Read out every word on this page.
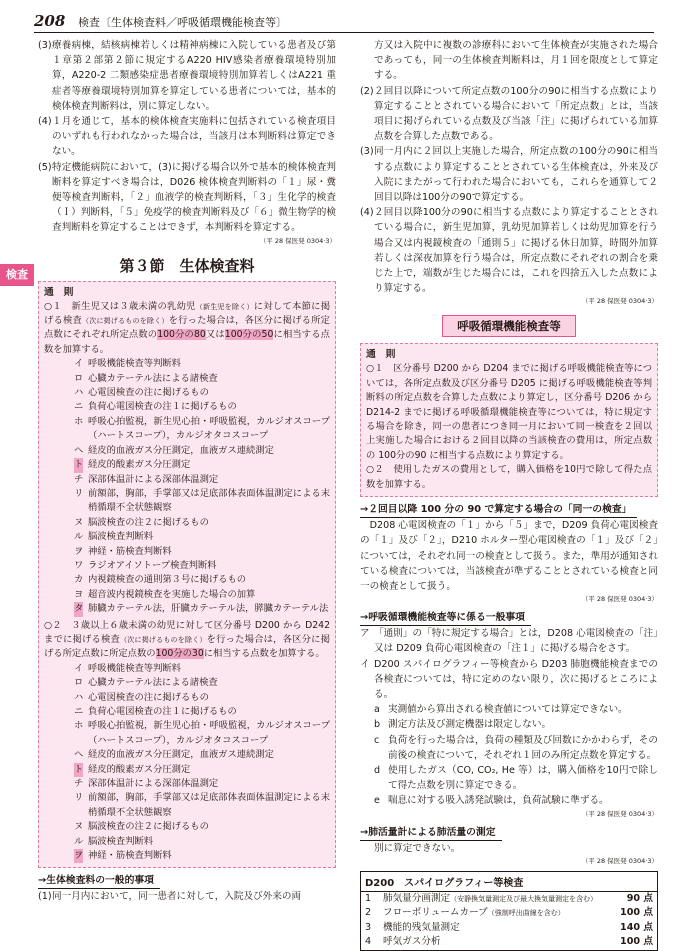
208 検査〔生体検査料／呼吸循環機能検査等〕
検査

(3) 療養病棟，結核病棟若しくは精神病棟に入院している患者及び第１章第２部第２節に規定するA220 HIV感染者療養環境特別加算，A220-2 二類感染症患者療養環境特別加算若しくはA221 重症者等療養環境特別加算を算定している患者については，基本的検体検査判断料は，別に算定しない。

(4) １月を通じて，基本的検体検査実施料に包括されている検査項目のいずれも行われなかった場合は，当該月は本判断料は算定できない。

(5) 特定機能病院において，(3)に掲げる場合以外で基本的検体検査判断料を算定すべき場合は，D026 検体検査判断料の「１」尿・糞便等検査判断料，「２」血液学的検査判断料，「３」生化学的検査（Ｉ）判断料，「５」免疫学的検査判断料及び「６」微生物学的検査判断料を算定することはできず，本判断料を算定する。

（平 28 保医発 0304·3）

第３節　生体検査料
通　則

○１　新生児又は３歳未満の乳幼児（新生児を除く）に対して本節に掲げる検査（次に掲げるものを除く）を行った場合は，各区分に掲げる所定点数にそれぞれ所定点数の100分の80又は100分の50に相当する点数を加算する。

イ 呼吸機能検査等判断料

ロ 心臓カテーテル法による諸検査

ハ 心電図検査の注に掲げるもの

ニ 負荷心電図検査の注１に掲げるもの

ホ 呼吸心拍監視，新生児心拍・呼吸監視，カルジオスコープ（ハートスコープ），カルジオタコスコープ

ヘ 経皮的血液ガス分圧測定，血液ガス連続測定

ト 経皮的酸素ガス分圧測定

チ 深部体温計による深部体温測定

リ 前額部，胸部，手掌部又は足底部体表面体温測定による末梢循環不全状態観察

ヌ 脳波検査の注２に掲げるもの

ル 脳波検査判断料

ヲ 神経・筋検査判断料

ワ ラジオアイソトープ検査判断料

カ 内視鏡検査の通則第３号に掲げるもの

ヨ 超音波内視鏡検査を実施した場合の加算

タ 肺臓カテーテル法，肝臓カテーテル法，膵臓カテーテル法

○２　３歳以上６歳未満の幼児に対して区分番号 D200 から D242 までに掲げる検査（次に掲げるものを除く）を行った場合は，各区分に掲げる所定点数に所定点数の100分の30に相当する点数を加算する。

イ 呼吸機能検査等判断料

ロ 心臓カテーテル法による諸検査

ハ 心電図検査の注に掲げるもの

ニ 負荷心電図検査の注１に掲げるもの

ホ 呼吸心拍監視，新生児心拍・呼吸監視，カルジオスコープ（ハートスコープ），カルジオタコスコープ

ヘ 経皮的血液ガス分圧測定，血液ガス連続測定

ト 経皮的酸素ガス分圧測定

チ 深部体温計による深部体温測定

リ 前額部，胸部，手掌部又は足底部体表面体温測定による末梢循環不全状態観察

ヌ 脳波検査の注２に掲げるもの

ル 脳波検査判断料

ヲ 神経・筋検査判断料

→生体検査料の一般的事項

(1) 同一月内において，同一患者に対して，入院及び外来の両

方又は入院中に複数の診療科において生体検査が実施された場合であっても，同一の生体検査判断料は，月１回を限度として算定する。

(2) ２回目以降について所定点数の100分の90に相当する点数により算定することとされている場合において「所定点数」とは，当該項目に掲げられている点数及び当該「注」に掲げられている加算点数を合算した点数である。

(3) 同一月内に２回以上実施した場合，所定点数の100分の90に相当する点数により算定することとされている生体検査は，外来及び入院にまたがって行われた場合においても，これらを通算して２回目以降は100分の90で算定する。

(4) ２回目以降100分の90に相当する点数により算定することとされている場合に，新生児加算，乳幼児加算若しくは幼児加算を行う場合又は内視鏡検査の「通則５」に掲げる休日加算，時間外加算若しくは深夜加算を行う場合は，所定点数にそれぞれの割合を乗じた上で，端数が生じた場合には，これを四捨五入した点数により算定する。

（平 28 保医発 0304·3）

呼吸循環機能検査等
通　則

○１　区分番号 D200 から D204 までに掲げる呼吸機能検査等については，各所定点数及び区分番号 D205 に掲げる呼吸機能検査等判断料の所定点数を合算した点数により算定し，区分番号 D206 から D214-2 までに掲げる呼吸循環機能検査等については，特に規定する場合を除き，同一の患者につき同一月において同一検査を２回以上実施した場合における２回目以降の当該検査の費用は，所定点数の 100分の90 に相当する点数により算定する。

○２　使用したガスの費用として，購入価格を10円で除して得た点数を加算する。

→２回目以降 100 分の 90 で算定する場合の「同一の検査」

D208 心電図検査の「１」から「５」まで，D209 負荷心電図検査の「１」及び「２」，D210 ホルター型心電図検査の「１」及び「２」については，それぞれ同一の検査として扱う。また，準用が通知されている検査については，当該検査が準ずることとされている検査と同一の検査として扱う。

（平 28 保医発 0304·3）

→呼吸循環機能検査等に係る一般事項

ア 「通則」の「特に規定する場合」とは，D208 心電図検査の「注」又は D209 負荷心電図検査の「注１」に掲げる場合をさす。

イ D200 スパイログラフィー等検査から D203 肺胞機能検査までの各検査については，特に定めのない限り，次に掲げるところによる。

a 実測値から算出される検査値については算定できない。

b 測定方法及び測定機器は限定しない。

c 負荷を行った場合は，負荷の種類及び回数にかかわらず，その前後の検査について，それぞれ１回のみ所定点数を算定する。

d 使用したガス（CO, CO₂, He 等）は，購入価格を10円で除して得た点数を別に算定できる。

e 喘息に対する吸入誘発試験は，負荷試験に準ずる。

（平 28 保医発 0304·3）

→肺活量計による肺活量の測定

別に算定できない。

（平 28 保医発 0304·3）

D200　スパイログラフィー等検査
1	肺気量分画測定（安静換気量測定及び最大換気量測定を含む）	90 点
2	フローボリュームカーブ（強制呼出曲線を含む）	100 点
3	機能的残気量測定	140 点
4	呼気ガス分析	100 点
